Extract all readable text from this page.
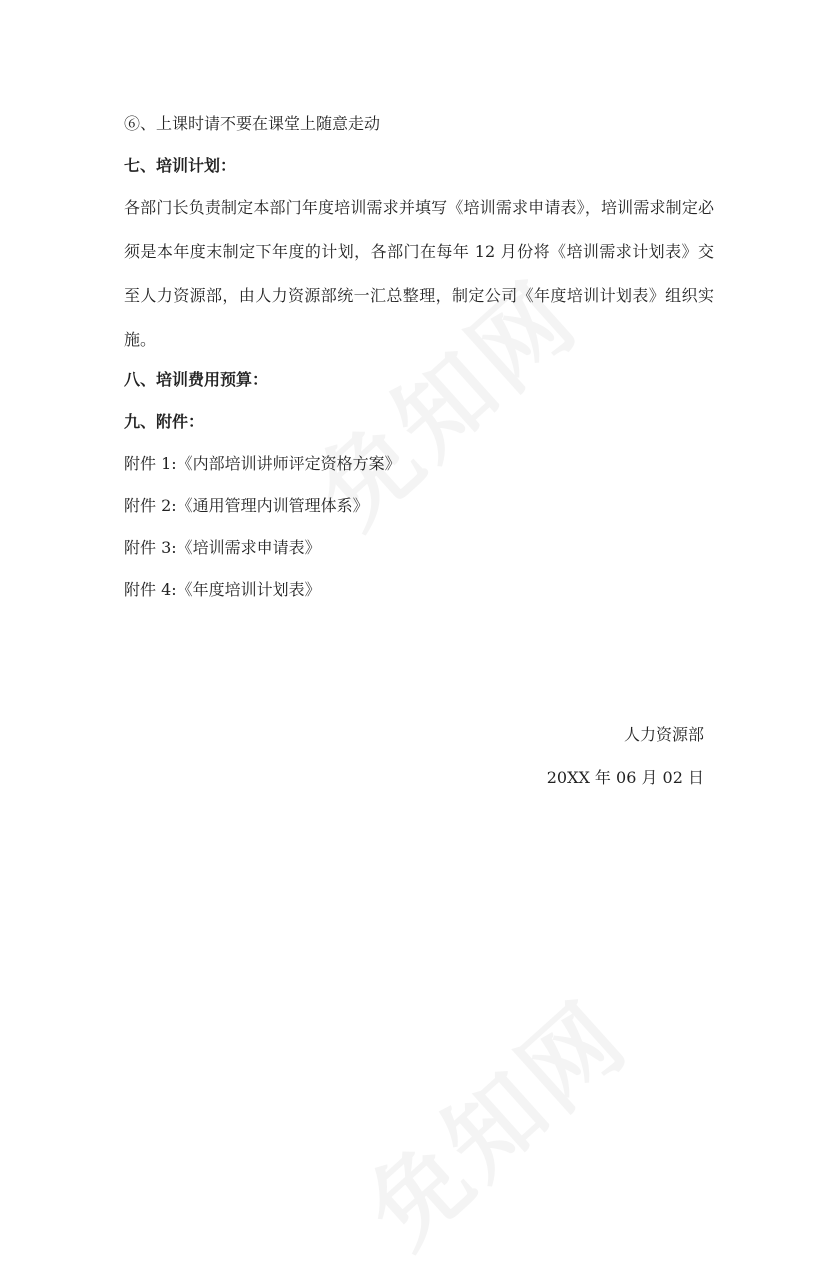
⑥、上课时请不要在课堂上随意走动

七、培训计划：

各部门长负责制定本部门年度培训需求并填写《培训需求申请表》，培训需求制定必须是本年度末制定下年度的计划，各部门在每年 12 月份将《培训需求计划表》交至人力资源部，由人力资源部统一汇总整理，制定公司《年度培训计划表》组织实施。

八、培训费用预算：

九、附件：

附件 1:《内部培训讲师评定资格方案》

附件 2:《通用管理内训管理体系》

附件 3:《培训需求申请表》

附件 4:《年度培训计划表》

人力资源部
20XX 年 06 月 02 日
